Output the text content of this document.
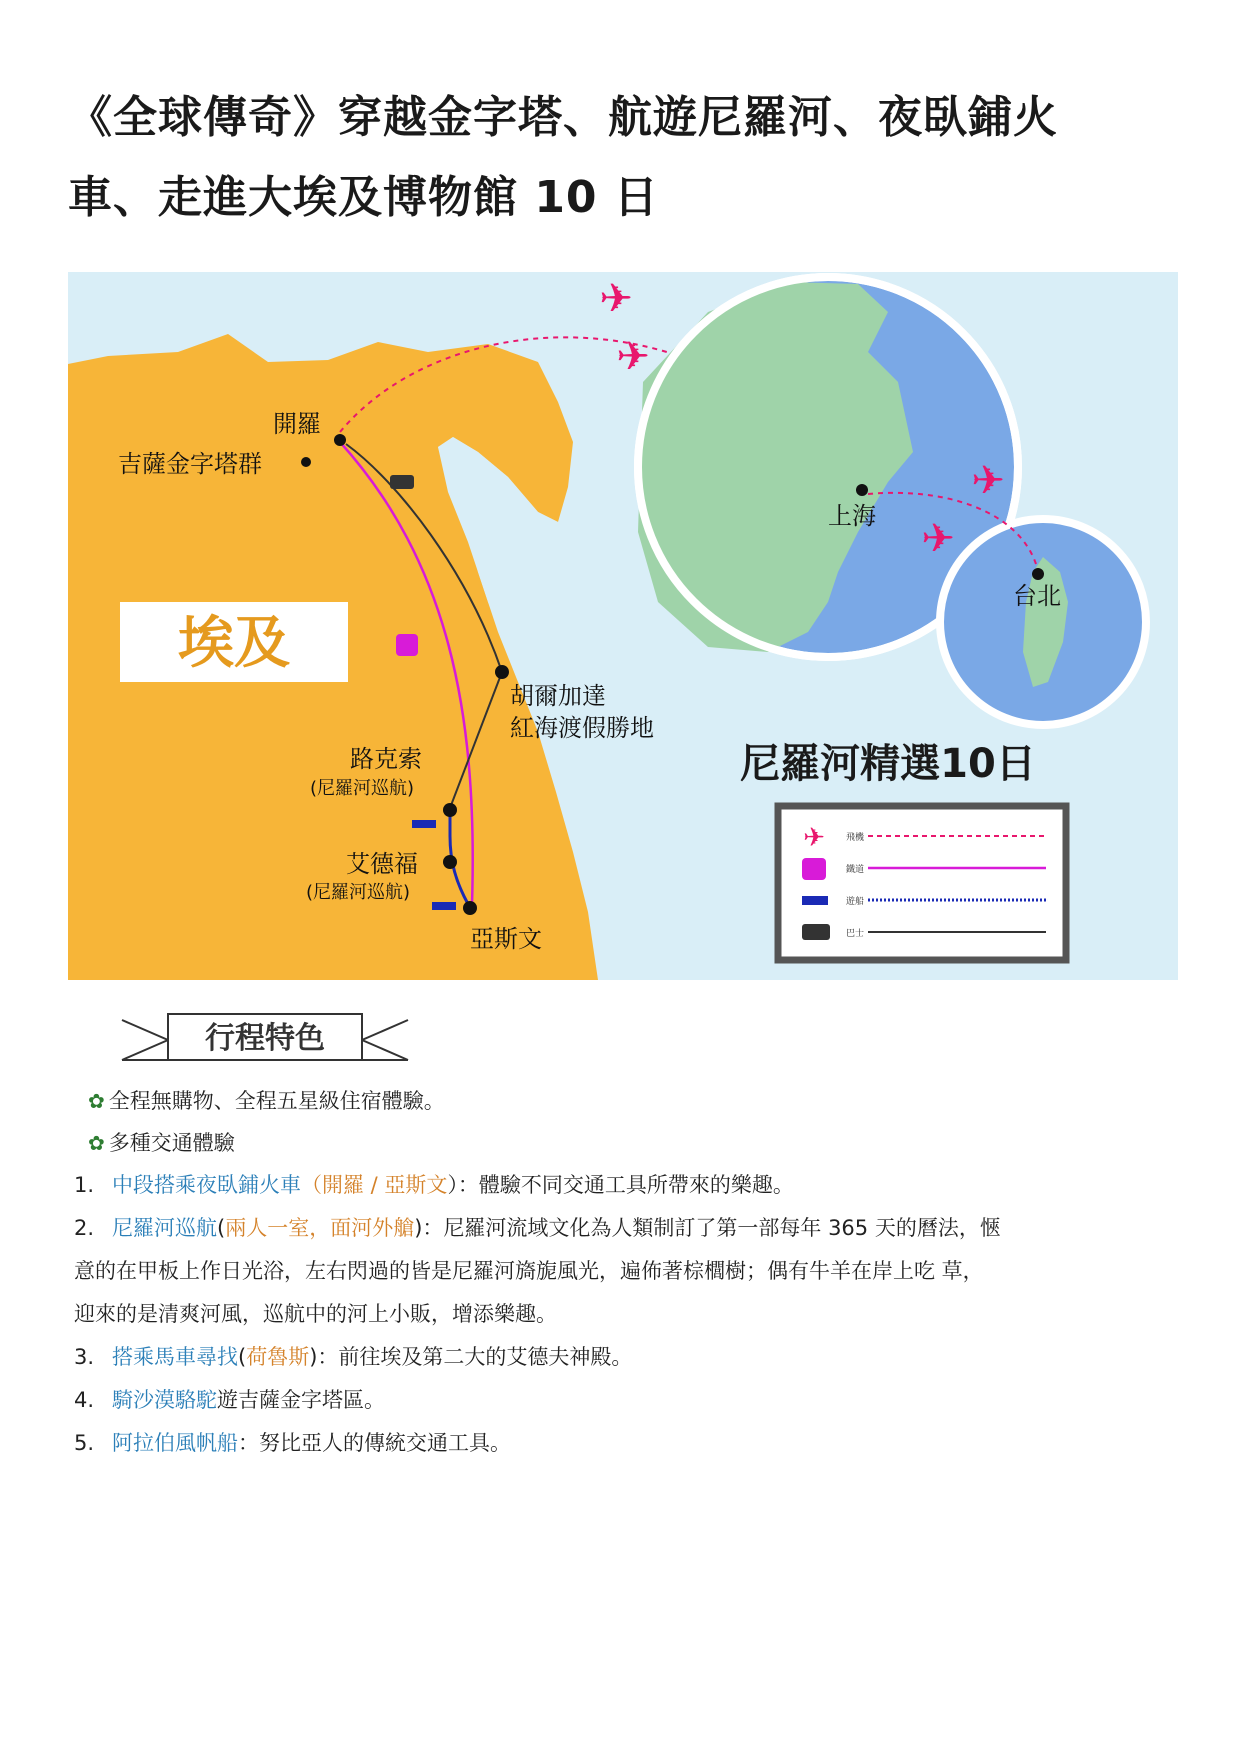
《全球傳奇》穿越金字塔、航遊尼羅河、夜臥鋪火
車、走進大埃及博物館 10 日
埃及
✈
✈
✈
✈
開羅
吉薩金字塔群
胡爾加達
紅海渡假勝地
路克索
(尼羅河巡航)
艾德福
(尼羅河巡航)
亞斯文
上海
台北
尼羅河精選10日
✈ 飛機
鐵道
遊船
巴士
行程特色
✿ 全程無購物、全程五星級住宿體驗。
✿ 多種交通體驗
1. 中段搭乘夜臥鋪火車（開羅 / 亞斯文）：體驗不同交通工具所帶來的樂趣。
2. 尼羅河巡航(兩人一室，面河外艙)：尼羅河流域文化為人類制訂了第一部每年 365 天的曆法，愜
意的在甲板上作日光浴，左右閃過的皆是尼羅河旖旎風光，遍佈著棕櫚樹；偶有牛羊在岸上吃 草，
迎來的是清爽河風，巡航中的河上小販，增添樂趣。
3. 搭乘馬車尋找(荷魯斯)：前往埃及第二大的艾德夫神殿。
4. 騎沙漠駱駝遊吉薩金字塔區。
5. 阿拉伯風帆船：努比亞人的傳統交通工具。
